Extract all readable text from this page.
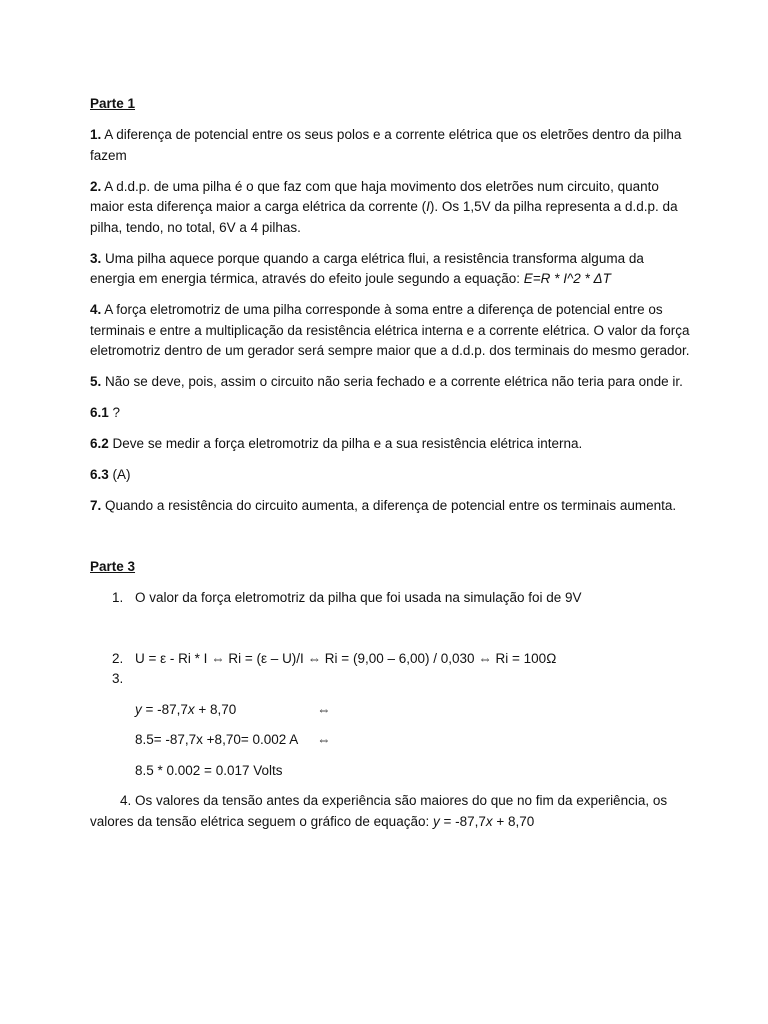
Parte 1
1. A diferença de potencial entre os seus polos e a corrente elétrica que os eletrões dentro da pilha fazem
2. A d.d.p. de uma pilha é o que faz com que haja movimento dos eletrões num circuito, quanto maior esta diferença maior a carga elétrica da corrente (I). Os 1,5V da pilha representa a d.d.p. da pilha, tendo, no total, 6V a 4 pilhas.
3. Uma pilha aquece porque quando a carga elétrica flui, a resistência transforma alguma da energia em energia térmica, através do efeito joule segundo a equação: E=R * I^2 * ΔT
4. A força eletromotriz de uma pilha corresponde à soma entre a diferença de potencial entre os terminais e entre a multiplicação da resistência elétrica interna e a corrente elétrica. O valor da força eletromotriz dentro de um gerador será sempre maior que a d.d.p. dos terminais do mesmo gerador.
5. Não se deve, pois, assim o circuito não seria fechado e a corrente elétrica não teria para onde ir.
6.1 ?
6.2 Deve se medir a força eletromotriz da pilha e a sua resistência elétrica interna.
6.3 (A)
7. Quando a resistência do circuito aumenta, a diferença de potencial entre os terminais aumenta.
Parte 3
1. O valor da força eletromotriz da pilha que foi usada na simulação foi de 9V
2. U = ε - Ri * I ⇔ Ri = (ε – U)/I ⇔ Ri = (9,00 – 6,00) / 0,030 ⇔ Ri = 100Ω
3.

y = -87,7x + 8,70	⇔
8.5= -87,7x +8,70= 0.002 A ⇔
8.5 * 0.002 = 0.017 Volts
4. Os valores da tensão antes da experiência são maiores do que no fim da experiência, os valores da tensão elétrica seguem o gráfico de equação: y = -87,7x + 8,70
